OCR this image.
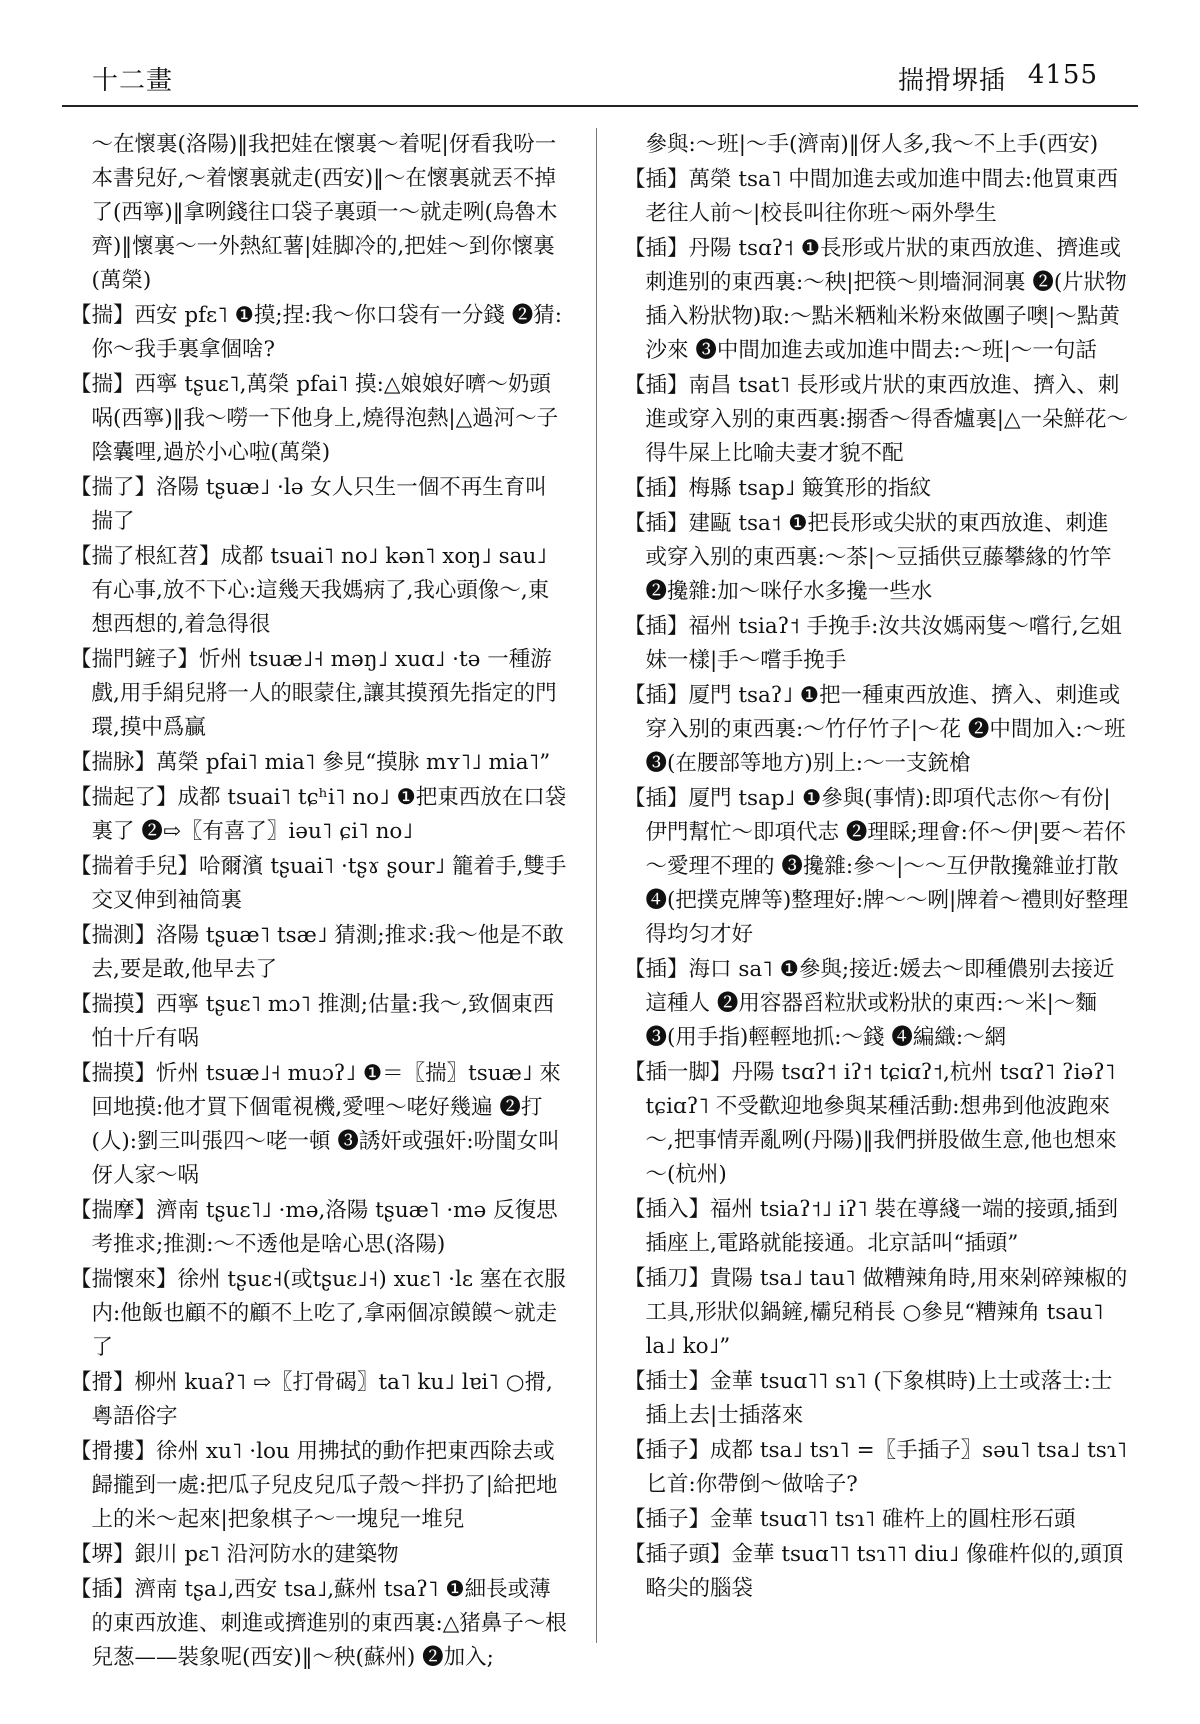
十二畫	揣搰堺插 4155

～在懷裏(洛陽)‖我把娃在懷裏～着呢|伢看我吩一本書兒好,～着懷裏就走(西安)‖～在懷裏就丟不掉了(西寧)‖拿咧錢往口袋子裏頭一～就走咧(烏魯木齊)‖懷裏～一外熱紅薯|娃脚冷的,把娃～到你懷裏(萬榮)

【揣】西安 pfɛ˥ ❶摸;捏:我～你口袋有一分錢 ❷猜:你～我手裏拿個啥?

【揣】西寧 tʂuɛ˥,萬榮 pfai˥ 摸:△娘娘好嚌～奶頭㖞(西寧)‖我～嘮一下他身上,燒得泡熱|△過河～子陰囊哩,過於小心啦(萬榮)

【揣了】洛陽 tʂuæ˩ ·lə 女人只生一個不再生育叫揣了

【揣了根紅苕】成都 tsuai˥ no˩ kən˥ xoŋ˩ sau˩ 有心事,放不下心:這幾天我媽病了,我心頭像～,東想西想的,着急得很

【揣門鏟子】忻州 tsuæ˩˧ məŋ˩ xuɑ˩ ·tə 一種游戲,用手絹兒將一人的眼蒙住,讓其摸預先指定的門環,摸中爲贏

【揣脉】萬榮 pfai˥ mia˥ 參見“摸脉 mʏ˥˩ mia˥”

【揣起了】成都 tsuai˥ tɕʰi˥ no˩ ❶把東西放在口袋裏了 ❷⇨〖有喜了〗iəu˥ ɕi˥ no˩

【揣着手兒】哈爾濱 tʂuai˥ ·tʂɤ ʂour˩ 籠着手,雙手交叉伸到袖筒裏

【揣測】洛陽 tʂuæ˥ tsæ˩ 猜測;推求:我～他是不敢去,要是敢,他早去了

【揣摸】西寧 tʂuɛ˥ mɔ˥ 推測;估量:我～,致個東西怕十斤有㖞

【揣摸】忻州 tsuæ˩˧ muɔʔ˩ ❶＝〖揣〗tsuæ˩ 來回地摸:他才買下個電視機,愛哩～咾好幾遍 ❷打(人):劉三叫張四～咾一頓 ❸誘奸或强奸:吩閨女叫伢人家～㖞

【揣摩】濟南 tʂuɛ˥˩ ·mə,洛陽 tʂuæ˥ ·mə 反復思考推求;推測:～不透他是啥心思(洛陽)

【揣懷來】徐州 tʂuɛ˧(或tʂuɛ˩˧) xuɛ˥ ·lɛ 塞在衣服内:他飯也顧不的顧不上吃了,拿兩個凉饃饃～就走了

【搰】柳州 kuaʔ˥ ⇨〖打骨碣〗ta˥ ku˩ lɐi˥ ○搰,粵語俗字

【搰摟】徐州 xu˥ ·lou 用拂拭的動作把東西除去或歸攏到一處:把瓜子兒皮兒瓜子殼～拌扔了|給把地上的米～起來|把象棋子～一塊兒一堆兒

【堺】銀川 pɛ˥ 沿河防水的建築物

【插】濟南 tʂa˩,西安 tsa˩,蘇州 tsaʔ˥ ❶細長或薄的東西放進、刺進或擠進别的東西裏:△猪鼻子～根兒葱——裝象呢(西安)‖～秧(蘇州) ❷加入;

參與:～班|～手(濟南)‖伢人多,我～不上手(西安)

【插】萬榮 tsa˥ 中間加進去或加進中間去:他買東西老往人前～|校長叫往你班～兩外學生

【插】丹陽 tsɑʔ˦ ❶長形或片狀的東西放進、擠進或刺進别的東西裏:～秧|把筷～則墻洞洞裏 ❷(片狀物插入粉狀物)取:～點米粞籼米粉來做團子噢|～點黄沙來 ❸中間加進去或加進中間去:～班|～一句話

【插】南昌 tsat˥ 長形或片狀的東西放進、擠入、刺進或穿入别的東西裏:搦香～得香爐裏|△一朵鮮花～得牛屎上比喻夫妻才貌不配

【插】梅縣 tsap˩ 簸箕形的指紋

【插】建甌 tsa˦ ❶把長形或尖狀的東西放進、刺進或穿入别的東西裏:～茶|～豆插供豆藤攀緣的竹竿 ❷攙雜:加～咪仔水多攙一些水

【插】福州 tsiaʔ˦ 手挽手:汝共汝媽兩隻～嚐行,乞姐妹一樣|手～嚐手挽手

【插】厦門 tsaʔ˩ ❶把一種東西放進、擠入、刺進或穿入别的東西裏:～竹仔竹子|～花 ❷中間加入:～班 ❸(在腰部等地方)别上:～一支銃槍

【插】厦門 tsap˩ ❶參與(事情):即項代志你～有份|伊門幫忙～即項代志 ❷理睬;理會:伓～伊|要～若伓～愛理不理的 ❸攙雜:參～|～～互伊散攙雜並打散 ❹(把撲克牌等)整理好:牌～～咧|牌着～禮則好整理得均匀才好

【插】海口 sa˥ ❶參與;接近:媛去～即種儂别去接近這種人 ❷用容器舀粒狀或粉狀的東西:～米|～麵 ❸(用手指)輕輕地抓:～錢 ❹編織:～網

【插一脚】丹陽 tsɑʔ˦ iʔ˦ tɕiɑʔ˦,杭州 tsɑʔ˥ ʔiəʔ˥ tɕiɑʔ˥ 不受歡迎地參與某種活動:想弗到他波跑來～,把事情弄亂咧(丹陽)‖我們拼股做生意,他也想來～(杭州)

【插入】福州 tsiaʔ˦˩ iʔ˥ 裝在導綫一端的接頭,插到插座上,電路就能接通。北京話叫“插頭”

【插刀】貴陽 tsa˩ tau˥ 做糟辣角時,用來剁碎辣椒的工具,形狀似鍋鏟,欛兒稍長 ○參見“糟辣角 tsau˥ la˩ ko˩”

【插士】金華 tsuɑ˥˥ sɿ˥ (下象棋時)上士或落士:士插上去|士插落來

【插子】成都 tsa˩ tsɿ˥ =〖手插子〗səu˥ tsa˩ tsɿ˥ 匕首:你帶倒～做啥子?

【插子】金華 tsuɑ˥˥ tsɿ˥ 碓杵上的圓柱形石頭

【插子頭】金華 tsuɑ˥˥ tsɿ˥˥ diu˩ 像碓杵似的,頭頂略尖的腦袋
